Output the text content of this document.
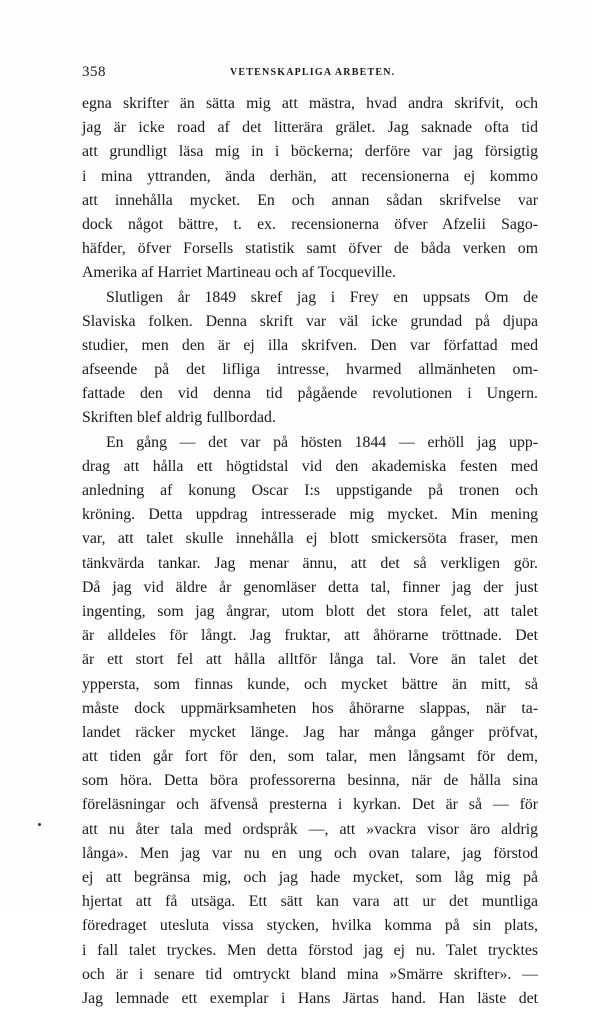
358	VETENSKAPLIGA ARBETEN.
egna skrifter än sätta mig att mästra, hvad andra skrifvit, och
jag är icke road af det litterära grälet. Jag saknade ofta tid
att grundligt läsa mig in i böckerna; derföre var jag försigtig
i mina yttranden, ända derhän, att recensionerna ej kommo
att innehålla mycket. En och annan sådan skrifvelse var
dock något bättre, t. ex. recensionerna öfver Afzelii Sago-
häfder, öfver Forsells statistik samt öfver de båda verken om
Amerika af Harriet Martineau och af Tocqueville.
Slutligen år 1849 skref jag i Frey en uppsats Om de
Slaviska folken. Denna skrift var väl icke grundad på djupa
studier, men den är ej illa skrifven. Den var författad med
afseende på det lifliga intresse, hvarmed allmänheten om-
fattade den vid denna tid pågående revolutionen i Ungern.
Skriften blef aldrig fullbordad.
En gång — det var på hösten 1844 — erhöll jag upp-
drag att hålla ett högtidstal vid den akademiska festen med
anledning af konung Oscar I:s uppstigande på tronen och
kröning. Detta uppdrag intresserade mig mycket. Min mening
var, att talet skulle innehålla ej blott smickersöta fraser, men
tänkvärda tankar. Jag menar ännu, att det så verkligen gör.
Då jag vid äldre år genomläser detta tal, finner jag der just
ingenting, som jag ångrar, utom blott det stora felet, att talet
är alldeles för långt. Jag fruktar, att åhörarne tröttnade. Det
är ett stort fel att hålla alltför långa tal. Vore än talet det
yppersta, som finnas kunde, och mycket bättre än mitt, så
måste dock uppmärksamheten hos åhörarne slappas, när ta-
landet räcker mycket länge. Jag har många gånger pröfvat,
att tiden går fort för den, som talar, men långsamt för dem,
som höra. Detta böra professorerna besinna, när de hålla sina
föreläsningar och äfvenså presterna i kyrkan. Det är så — för
att nu åter tala med ordspråk —, att »vackra visor äro aldrig
långa». Men jag var nu en ung och ovan talare, jag förstod
ej att begränsa mig, och jag hade mycket, som låg mig på
hjertat att få utsäga. Ett sätt kan vara att ur det muntliga
föredraget utesluta vissa stycken, hvilka komma på sin plats,
i fall talet tryckes. Men detta förstod jag ej nu. Talet trycktes
och är i senare tid omtryckt bland mina »Smärre skrifter». —
Jag lemnade ett exemplar i Hans Järtas hand. Han läste det
